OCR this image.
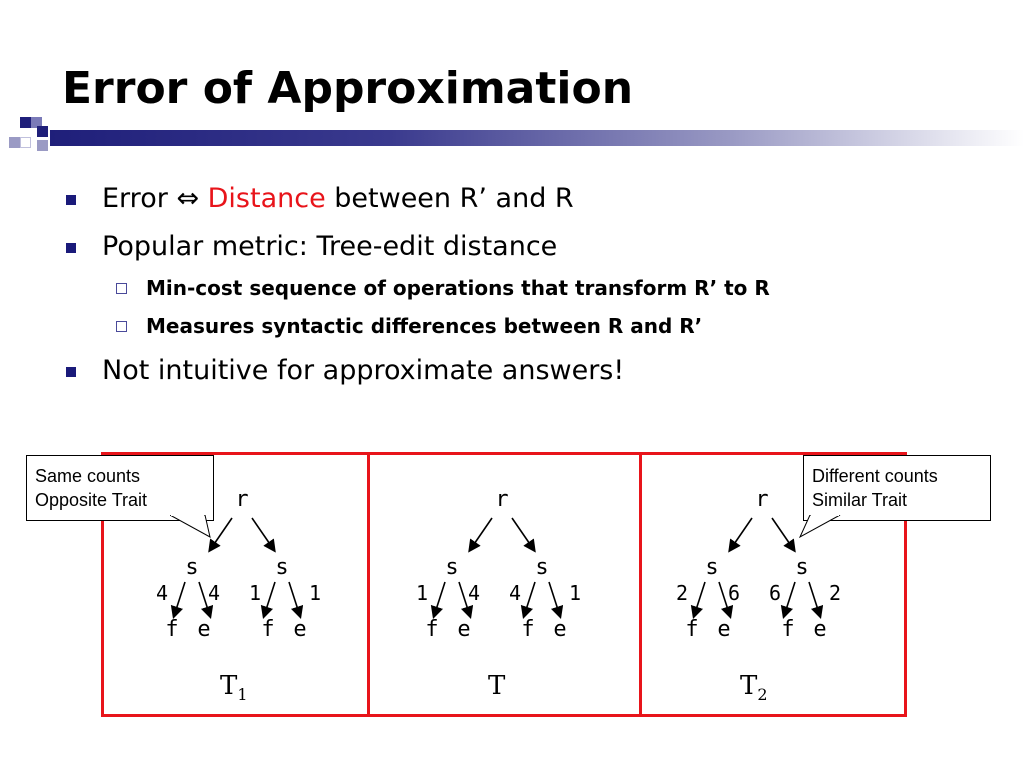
Error of Approximation
Error ⇔ Distance between R’ and R
Popular metric: Tree-edit distance
Min-cost sequence of operations that transform R’ to R
Measures syntactic differences between R and R’
Not intuitive for approximate answers!
r
s	s
4 4 1 1
f e f e
$T_1$
r
s	s
1 4 4 1
f e f e
T
r
s	s
2 6 6 2
f e f e
$T_2$
Same counts
Opposite Trait
Different counts
Similar Trait
